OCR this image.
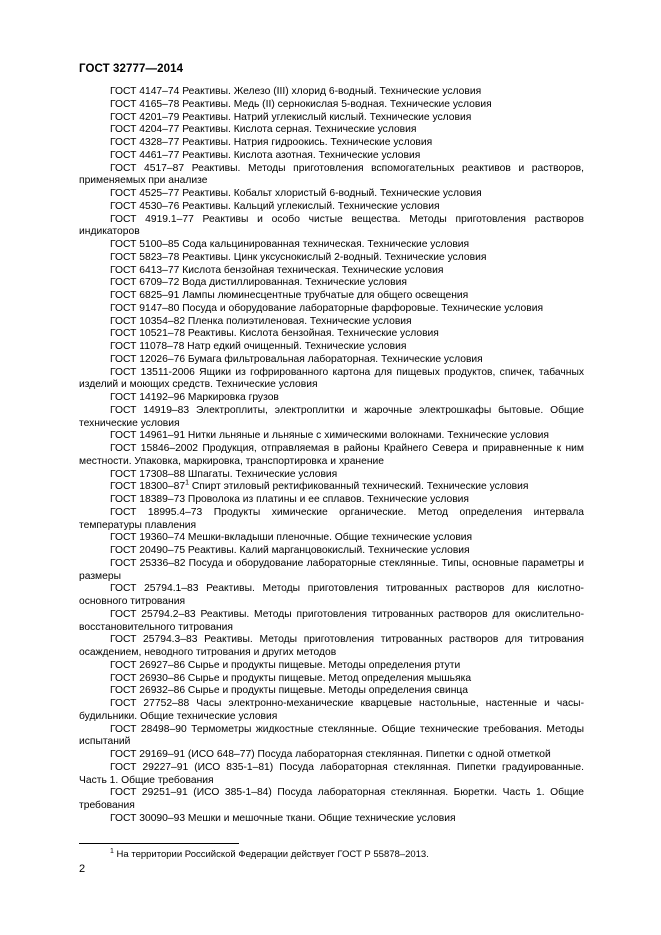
ГОСТ 32777—2014

ГОСТ 4147–74 Реактивы. Железо (III) хлорид 6-водный. Технические условия

ГОСТ 4165–78 Реактивы. Медь (II) сернокислая 5-водная. Технические условия

ГОСТ 4201–79 Реактивы. Натрий углекислый кислый. Технические условия

ГОСТ 4204–77 Реактивы. Кислота серная. Технические условия

ГОСТ 4328–77 Реактивы. Натрия гидроокись. Технические условия

ГОСТ 4461–77 Реактивы. Кислота азотная. Технические условия

ГОСТ 4517–87 Реактивы. Методы приготовления вспомогательных реактивов и растворов, применяемых при анализе

ГОСТ 4525–77 Реактивы. Кобальт хлористый 6-водный. Технические условия

ГОСТ 4530–76 Реактивы. Кальций углекислый. Технические условия

ГОСТ 4919.1–77 Реактивы и особо чистые вещества. Методы приготовления растворов индикаторов

ГОСТ 5100–85 Сода кальцинированная техническая. Технические условия

ГОСТ 5823–78 Реактивы. Цинк уксуснокислый 2-водный. Технические условия

ГОСТ 6413–77 Кислота бензойная техническая. Технические условия

ГОСТ 6709–72 Вода дистиллированная. Технические условия

ГОСТ 6825–91 Лампы люминесцентные трубчатые для общего освещения

ГОСТ 9147–80 Посуда и оборудование лабораторные фарфоровые. Технические условия

ГОСТ 10354–82 Пленка полиэтиленовая. Технические условия

ГОСТ 10521–78 Реактивы. Кислота бензойная. Технические условия

ГОСТ 11078–78 Натр едкий очищенный. Технические условия

ГОСТ 12026–76 Бумага фильтровальная лабораторная. Технические условия

ГОСТ 13511-2006 Ящики из гофрированного картона для пищевых продуктов, спичек, табачных изделий и моющих средств. Технические условия

ГОСТ 14192–96 Маркировка грузов

ГОСТ 14919–83 Электроплиты, электроплитки и жарочные электрошкафы бытовые. Общие технические условия

ГОСТ 14961–91 Нитки льняные и льняные с химическими волокнами. Технические условия

ГОСТ 15846–2002 Продукция, отправляемая в районы Крайнего Севера и приравненные к ним местности. Упаковка, маркировка, транспортировка и хранение

ГОСТ 17308–88 Шпагаты. Технические условия

ГОСТ $18300-87^1$ Спирт этиловый ректификованный технический. Технические условия

ГОСТ 18389–73 Проволока из платины и ее сплавов. Технические условия

ГОСТ 18995.4–73 Продукты химические органические. Метод определения интервала температуры плавления

ГОСТ 19360–74 Мешки-вкладыши пленочные. Общие технические условия

ГОСТ 20490–75 Реактивы. Калий марганцовокислый. Технические условия

ГОСТ 25336–82 Посуда и оборудование лабораторные стеклянные. Типы, основные параметры и размеры

ГОСТ 25794.1–83 Реактивы. Методы приготовления титрованных растворов для кислотно-основного титрования

ГОСТ 25794.2–83 Реактивы. Методы приготовления титрованных растворов для окислительно-восстановительного титрования

ГОСТ 25794.3–83 Реактивы. Методы приготовления титрованных растворов для титрования осаждением, неводного титрования и других методов

ГОСТ 26927–86 Сырье и продукты пищевые. Методы определения ртути

ГОСТ 26930–86 Сырье и продукты пищевые. Метод определения мышьяка

ГОСТ 26932–86 Сырье и продукты пищевые. Методы определения свинца

ГОСТ 27752–88 Часы электронно-механические кварцевые настольные, настенные и часы-будильники. Общие технические условия

ГОСТ 28498–90 Термометры жидкостные стеклянные. Общие технические требования. Методы испытаний

ГОСТ 29169–91 (ИСО 648–77) Посуда лабораторная стеклянная. Пипетки с одной отметкой

ГОСТ 29227–91 (ИСО 835-1–81) Посуда лабораторная стеклянная. Пипетки градуированные. Часть 1. Общие требования

ГОСТ 29251–91 (ИСО 385-1–84) Посуда лабораторная стеклянная. Бюретки. Часть 1. Общие требования

ГОСТ 30090–93 Мешки и мешочные ткани. Общие технические условия

$^1$ На территории Российской Федерации действует ГОСТ Р 55878–2013.
2
